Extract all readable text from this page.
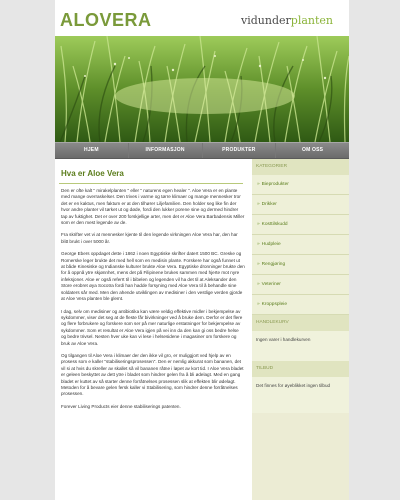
ALOVERA	vidunderplanten
HJEM	INFORMASJON	PRODUKTER	OM OSS
Hva er Aloe Vera

Den er ofte kalt " mirakelplanten " eller " naturens egen healer ". Aloe Vera er en plante med mange overraskelser. Den trives i varme og tørre klimaer og mange mennesker tror det er en kaktus, men faktum er at den tilhører Liljefamilien. Den holder seg like fin der hvor andre planter vil tørket ut og døde, fordi den lukker porene sine og dermed hindrer tap av fuktighet. Det er over 200 forskjellige arter, men det er Aloe Vera Barbadensis Miller som er den mest legende av de.

Fra skrifter vet vi at mennesker kjente til den legende virkningen Aloe Vera har, den har blitt brukt i over 5000 år.

George Ebers oppdaget dette i 1862 i noen Egyptiske skrifter datert 1500 BC. Greske og Romerske leger brukte det med hell som en medisin plante. Forskere har også funnet ut at både Kinesiske og Indianske kulturer brukte Aloe Vera. Egyptiske dronninger brukte den for å oppnå ytre skjønnhet, mens det på Filipinene brukes sammen med hjerte mot nyre infeksjoner. Aloe er også referrt til i bibelen og legenden vil ha det til at Aleksander den Store erobret øya Socotra fordi han hadde forsyning med Aloe Vera til å behandle sine soldaters sår med. Men den ahende utviklingen av medisiner i den vestlige verden gjorde at Aloe Vera planten ble glemt.

I dag, selv om medisiner og antibiotika kan være veldig effektive midler i bekjempelse av sykdommer, viser det seg at de fleste får bivirkninger ved å bruke dem. Derfor er det flere og flere forbrukere og forskere som ser på mer naturlige erstatninger for bekjempelse av sykdommer. Som et resultat er Aloe Vera igjen på vei inn da den kan gi oss bedre helse og bedre trivsel. Nesten hver uke kan vi lese i helsesidene i magasiner om forskere og bruk av Aloe Vera.

Og tilgangen til Aloe Vera i klimaer der den ikke vil gro, er muliggjort ved hjelp av en prosess som e kaller "stabiliseringsprosessen". Den er nemlig akkurat som bananen, det vil si at hvis du skreller av skallet så vil bananen råtne i løpet av kort tid. I Aloe Vera bladet er geleen beskyttet av dett ytre i bladet som hindrer gelen fra å bli ødelagt. Med en gang bladet er kuttet av så starter denne forråtnelses prosessen slik at effekten blir ødelagt. Metoden for å bevare gelen fersk kaller vi Stabilisering, som hindrer denne forråtnelses prosessen.

Forever Living Products eier denne stabiliserings patenten.

KATEGORIER
» Bieprodukter
» Drikker
» Kosttilskudd
» Hudpleie
» Rengjøring
» Veteriner
» Kroppspleie
HANDLEKURV
Ingen varer i handlekurven
TILBUD
Det finnes for øyeblikket ingen tilbud
